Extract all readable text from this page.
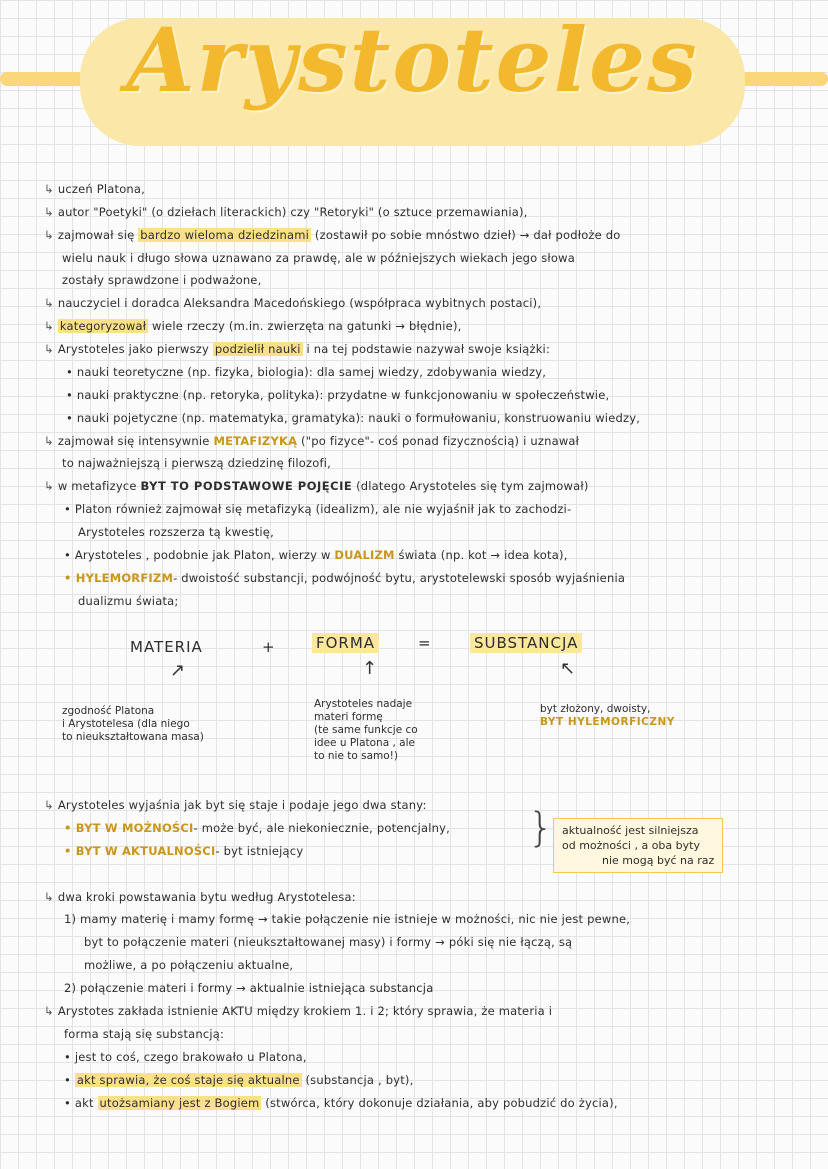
Arystoteles
↳ uczeń Platona,
↳ autor "Poetyki" (o dziełach literackich) czy "Retoryki" (o sztuce przemawiania),
↳ zajmował się bardzo wieloma dziedzinami (zostawił po sobie mnóstwo dzieł) → dał podłoże do
wielu nauk i długo słowa uznawano za prawdę, ale w późniejszych wiekach jego słowa
zostały sprawdzone i podważone,
↳ nauczyciel i doradca Aleksandra Macedońskiego (współpraca wybitnych postaci),
↳ kategoryzował wiele rzeczy (m.in. zwierzęta na gatunki → błędnie),
↳ Arystoteles jako pierwszy podzielił nauki i na tej podstawie nazywał swoje książki:
• nauki teoretyczne (np. fizyka, biologia): dla samej wiedzy, zdobywania wiedzy,
• nauki praktyczne (np. retoryka, polityka): przydatne w funkcjonowaniu w społeczeństwie,
• nauki pojetyczne (np. matematyka, gramatyka): nauki o formułowaniu, konstruowaniu wiedzy,
↳ zajmował się intensywnie METAFIZYKĄ ("po fizyce"- coś ponad fizycznością) i uznawał
to najważniejszą i pierwszą dziedzinę filozofi,
↳ w metafizyce BYT TO PODSTAWOWE POJĘCIE (dlatego Arystoteles się tym zajmował)
• Platon również zajmował się metafizyką (idealizm), ale nie wyjaśnił jak to zachodzi-
Arystoteles rozszerza tą kwestię,
• Arystoteles , podobnie jak Platon, wierzy w DUALIZM świata (np. kot → idea kota),
• HYLEMORFIZM- dwoistość substancji, podwójność bytu, arystotelewski sposób wyjaśnienia
dualizmu świata;
MATERIA	+	FORMA	=	SUBSTANCJA
↗	↑	↖
zgodność Platona
i Arystotelesa (dla niego
to nieukształtowana masa)
Arystoteles nadaje
materi formę
(te same funkcje co
idee u Platona , ale
to nie to samo!)
byt złożony, dwoisty,
BYT HYLEMORFICZNY
↳ Arystoteles wyjaśnia jak byt się staje i podaje jego dwa stany:
• BYT W MOŻNOŚCI- może być, ale niekoniecznie, potencjalny,
• BYT W AKTUALNOŚCI- byt istniejący	} aktualność jest silniejsza
od możności , a oba byty
nie mogą być na raz
↳ dwa kroki powstawania bytu według Arystotelesa:
1) mamy materię i mamy formę → takie połączenie nie istnieje w możności, nic nie jest pewne,
byt to połączenie materi (nieukształtowanej masy) i formy → póki się nie łączą, są
możliwe, a po połączeniu aktualne,
2) połączenie materi i formy → aktualnie istniejąca substancja
↳ Arystotes zakłada istnienie AKTU między krokiem 1. i 2; który sprawia, że materia i
forma stają się substancją:
• jest to coś, czego brakowało u Platona,
• akt sprawia, że coś staje się aktualne (substancja , byt),
• akt utożsamiany jest z Bogiem (stwórca, który dokonuje działania, aby pobudzić do życia),
